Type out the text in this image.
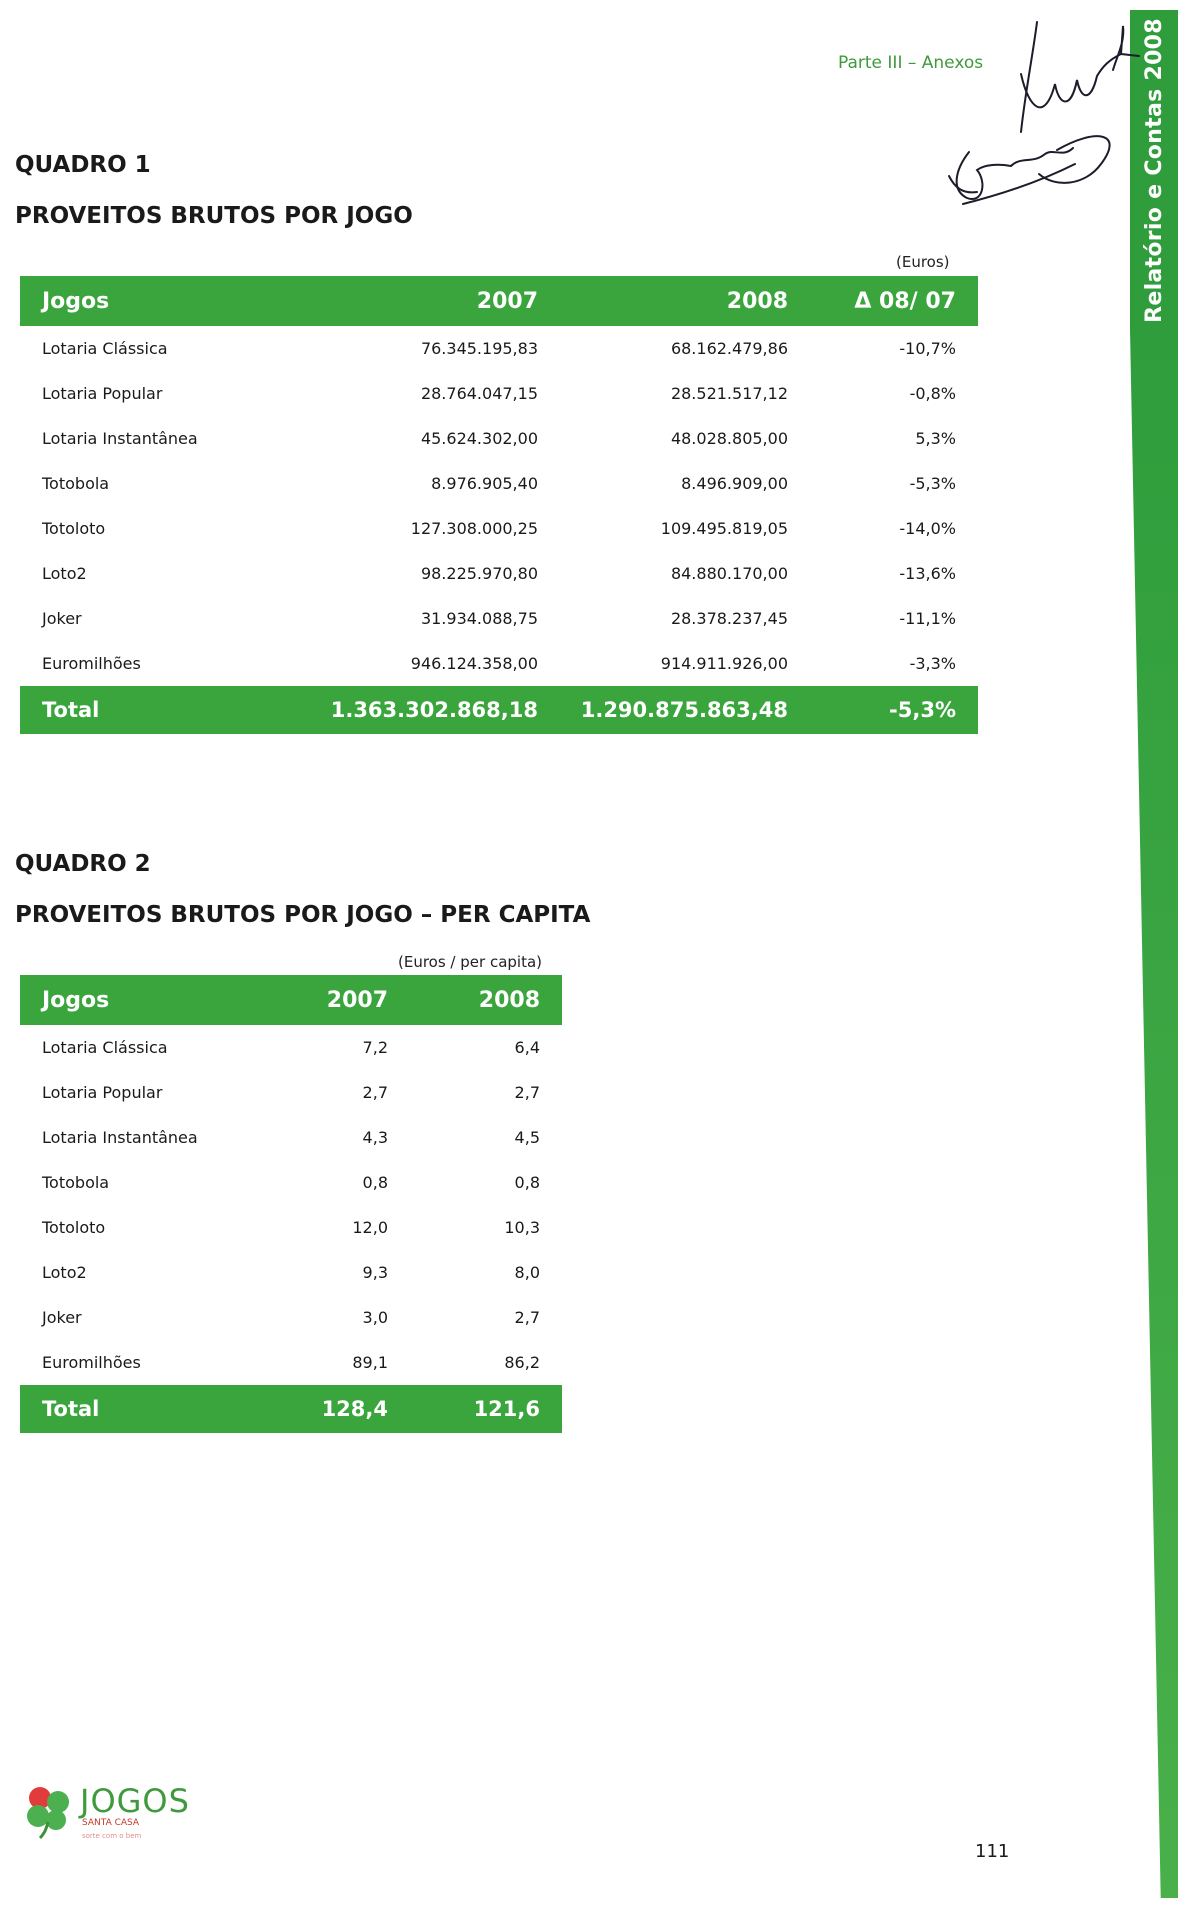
Parte III – Anexos	Relatório e Contas 2008
QUADRO 1
PROVEITOS BRUTOS POR JOGO
(Euros)
Jogos	2007	2008	Δ 08/ 07
Lotaria Clássica	76.345.195,83	68.162.479,86	-10,7%
Lotaria Popular	28.764.047,15	28.521.517,12	-0,8%
Lotaria Instantânea	45.624.302,00	48.028.805,00	5,3%
Totobola	8.976.905,40	8.496.909,00	-5,3%
Totoloto	127.308.000,25	109.495.819,05	-14,0%
Loto2	98.225.970,80	84.880.170,00	-13,6%
Joker	31.934.088,75	28.378.237,45	-11,1%
Euromilhões	946.124.358,00	914.911.926,00	-3,3%
Total	1.363.302.868,18	1.290.875.863,48	-5,3%
QUADRO 2
PROVEITOS BRUTOS POR JOGO – PER CAPITA
(Euros / per capita)
Jogos	2007	2008
Lotaria Clássica	7,2	6,4
Lotaria Popular	2,7	2,7
Lotaria Instantânea	4,3	4,5
Totobola	0,8	0,8
Totoloto	12,0	10,3
Loto2	9,3	8,0
Joker	3,0	2,7
Euromilhões	89,1	86,2
Total	128,4	121,6
JOGOS
SANTA CASA
sorte com o bem
111
